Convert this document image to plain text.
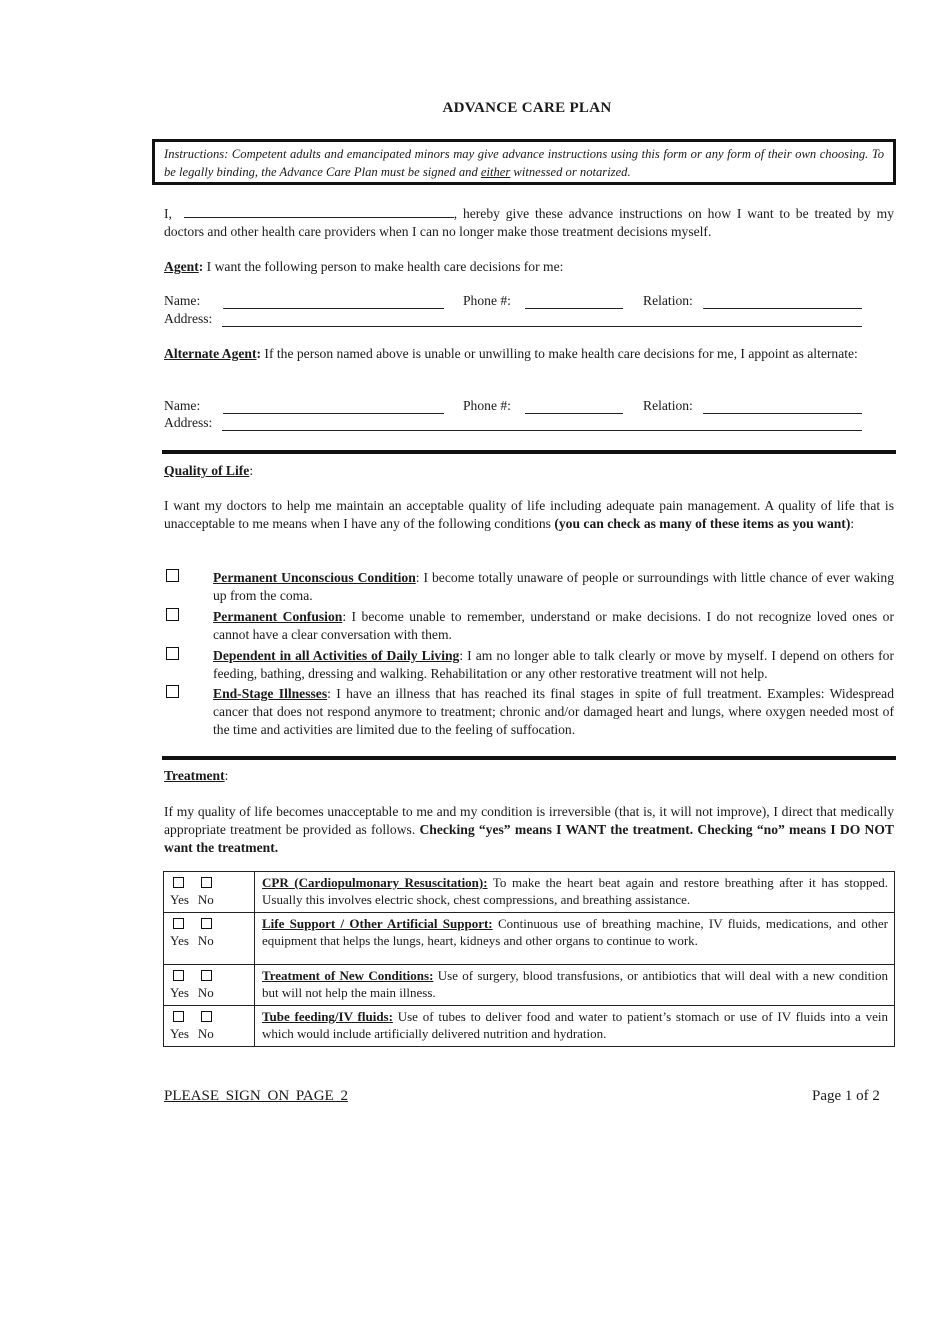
ADVANCE CARE PLAN
Instructions: Competent adults and emancipated minors may give advance instructions using this form or any form of their own choosing. To be legally binding, the Advance Care Plan must be signed and either witnessed or notarized.
I,	, hereby give these advance instructions on how I want to be treated by my doctors and other health care providers when I can no longer make those treatment decisions myself.
Agent: I want the following person to make health care decisions for me:
Name:	Phone #:	Relation:
Address:
Alternate Agent: If the person named above is unable or unwilling to make health care decisions for me, I appoint as alternate:
Name:	Phone #:	Relation:
Address:
Quality of Life:
I want my doctors to help me maintain an acceptable quality of life including adequate pain management. A quality of life that is unacceptable to me means when I have any of the following conditions (you can check as many of these items as you want):
Permanent Unconscious Condition: I become totally unaware of people or surroundings with little chance of ever waking up from the coma.
Permanent Confusion: I become unable to remember, understand or make decisions. I do not recognize loved ones or cannot have a clear conversation with them.
Dependent in all Activities of Daily Living: I am no longer able to talk clearly or move by myself. I depend on others for feeding, bathing, dressing and walking. Rehabilitation or any other restorative treatment will not help.
End-Stage Illnesses: I have an illness that has reached its final stages in spite of full treatment. Examples: Widespread cancer that does not respond anymore to treatment; chronic and/or damaged heart and lungs, where oxygen needed most of the time and activities are limited due to the feeling of suffocation.
Treatment:
If my quality of life becomes unacceptable to me and my condition is irreversible (that is, it will not improve), I direct that medically appropriate treatment be provided as follows. Checking “yes” means I WANT the treatment. Checking “no” means I DO NOT want the treatment.
Yes No	CPR (Cardiopulmonary Resuscitation): To make the heart beat again and restore breathing after it has stopped. Usually this involves electric shock, chest compressions, and breathing assistance.

Yes No	Life Support / Other Artificial Support: Continuous use of breathing machine, IV fluids, medications, and other equipment that helps the lungs, heart, kidneys and other organs to continue to work.

Yes No	Treatment of New Conditions: Use of surgery, blood transfusions, or antibiotics that will deal with a new condition but will not help the main illness.

Yes No	Tube feeding/IV fluids: Use of tubes to deliver food and water to patient’s stomach or use of IV fluids into a vein which would include artificially delivered nutrition and hydration.
PLEASE SIGN ON PAGE 2	Page 1 of 2
